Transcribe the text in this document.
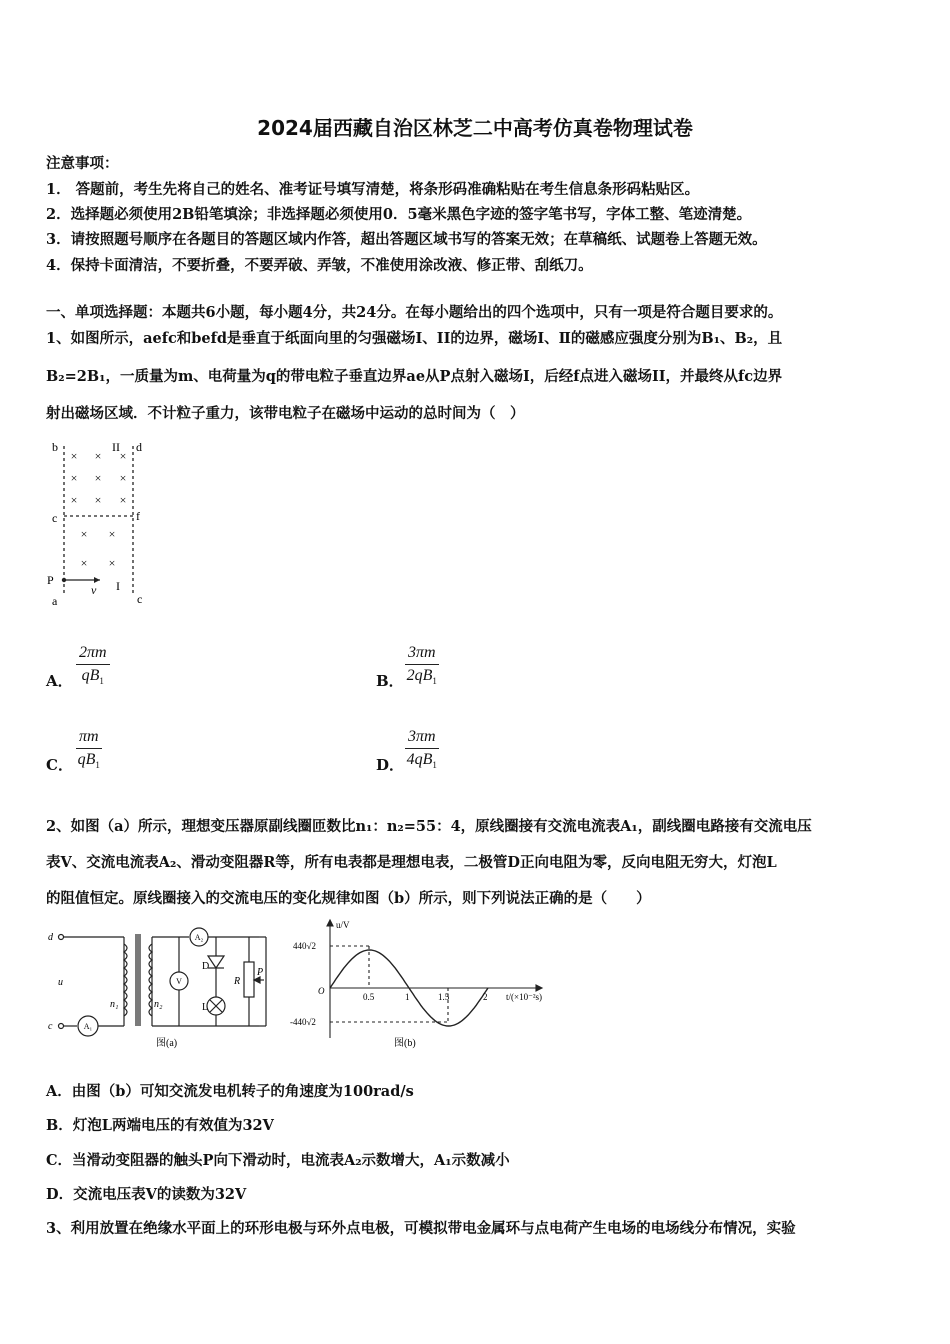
2024届西藏自治区林芝二中高考仿真卷物理试卷
注意事项：
1． 答题前，考生先将自己的姓名、准考证号填写清楚，将条形码准确粘贴在考生信息条形码粘贴区。
2．选择题必须使用2B铅笔填涂；非选择题必须使用0．5毫米黑色字迹的签字笔书写，字体工整、笔迹清楚。
3．请按照题号顺序在各题目的答题区域内作答，超出答题区域书写的答案无效；在草稿纸、试题卷上答题无效。
4．保持卡面清洁，不要折叠，不要弄破、弄皱，不准使用涂改液、修正带、刮纸刀。
一、单项选择题：本题共6小题，每小题4分，共24分。在每小题给出的四个选项中，只有一项是符合题目要求的。
1、如图所示，aefc和befd是垂直于纸面向里的匀强磁场I、II的边界，磁场I、Ⅱ的磁感应强度分别为B₁、B₂，且
B₂=2B₁，一质量为m、电荷量为q的带电粒子垂直边界ae从P点射入磁场I，后经f点进入磁场II，并最终从fc边界
射出磁场区域．不计粒子重力，该带电粒子在磁场中运动的总时间为（　）
b	II d
c	f
P
a
v I
c
× × ×
× × ×
× × ×
× ×
× ×
A． $\frac{2\pi m}{qB_1}$	B． $\frac{3\pi m}{2qB_1}$
C． $\frac{\pi m}{qB_1}$	D． $\frac{3\pi m}{4qB_1}$
2、如图（a）所示，理想变压器原副线圈匝数比n₁：n₂=55：4，原线圈接有交流电流表A₁，副线圈电路接有交流电压
表V、交流电流表A₂、滑动变阻器R等，所有电表都是理想电表，二极管D正向电阻为零，反向电阻无穷大，灯泡L
的阻值恒定。原线圈接入的交流电压的变化规律如图（b）所示，则下列说法正确的是（　　）
d
c
u
n₁	n₂
D
L
R
P
A₁
A₂
V
图(a)
u/V
t/(×10⁻²s)
O
440√2
-440√2
0.5	1	1.5	2
图(b)
A．由图（b）可知交流发电机转子的角速度为100rad/s
B．灯泡L两端电压的有效值为32V
C．当滑动变阻器的触头P向下滑动时，电流表A₂示数增大，A₁示数减小
D．交流电压表V的读数为32V
3、利用放置在绝缘水平面上的环形电极与环外点电极，可模拟带电金属环与点电荷产生电场的电场线分布情况，实验
